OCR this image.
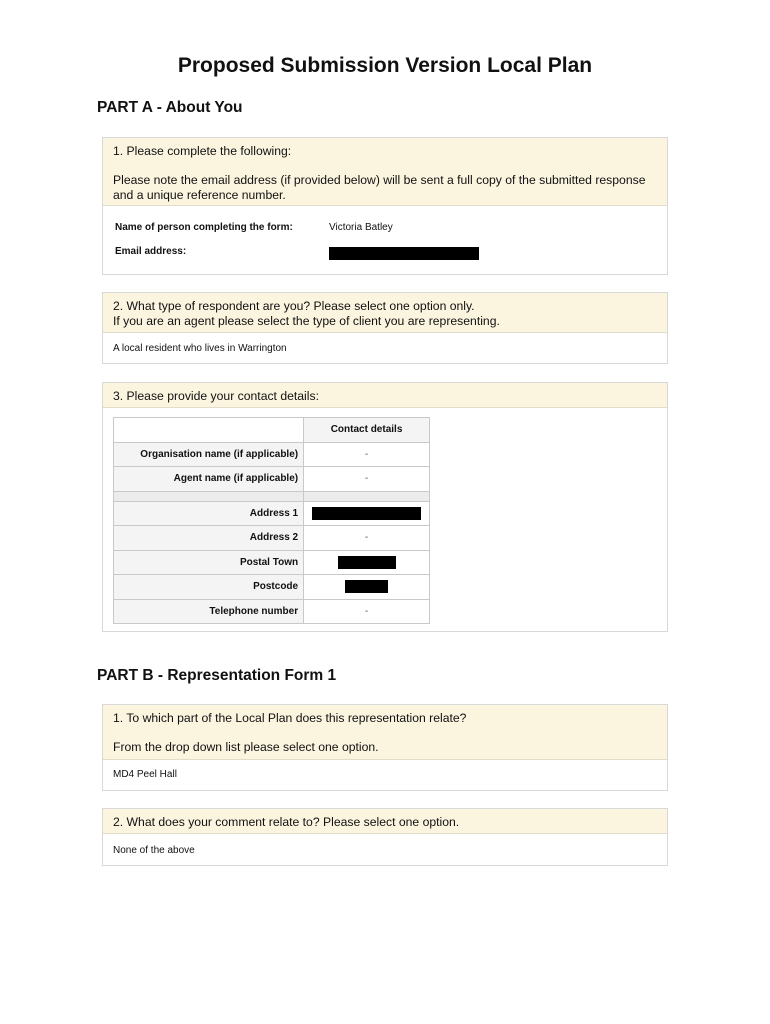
Proposed Submission Version Local Plan
PART A - About You

1. Please complete the following:

Please note the email address (if provided below) will be sent a full copy of the submitted response and a unique reference number.

Name of person completing the form:	Victoria Batley
Email address:
2. What type of respondent are you? Please select one option only.
If you are an agent please select the type of client you are representing.
A local resident who lives in Warrington
3. Please provide your contact details:
	Contact details
Organisation name (if applicable)	-
Agent name (if applicable)	-

Address 1	
Address 2	-
Postal Town	
Postcode	
Telephone number	-
PART B - Representation Form 1

1. To which part of the Local Plan does this representation relate?

From the drop down list please select one option.

MD4 Peel Hall
2. What does your comment relate to? Please select one option.
None of the above
